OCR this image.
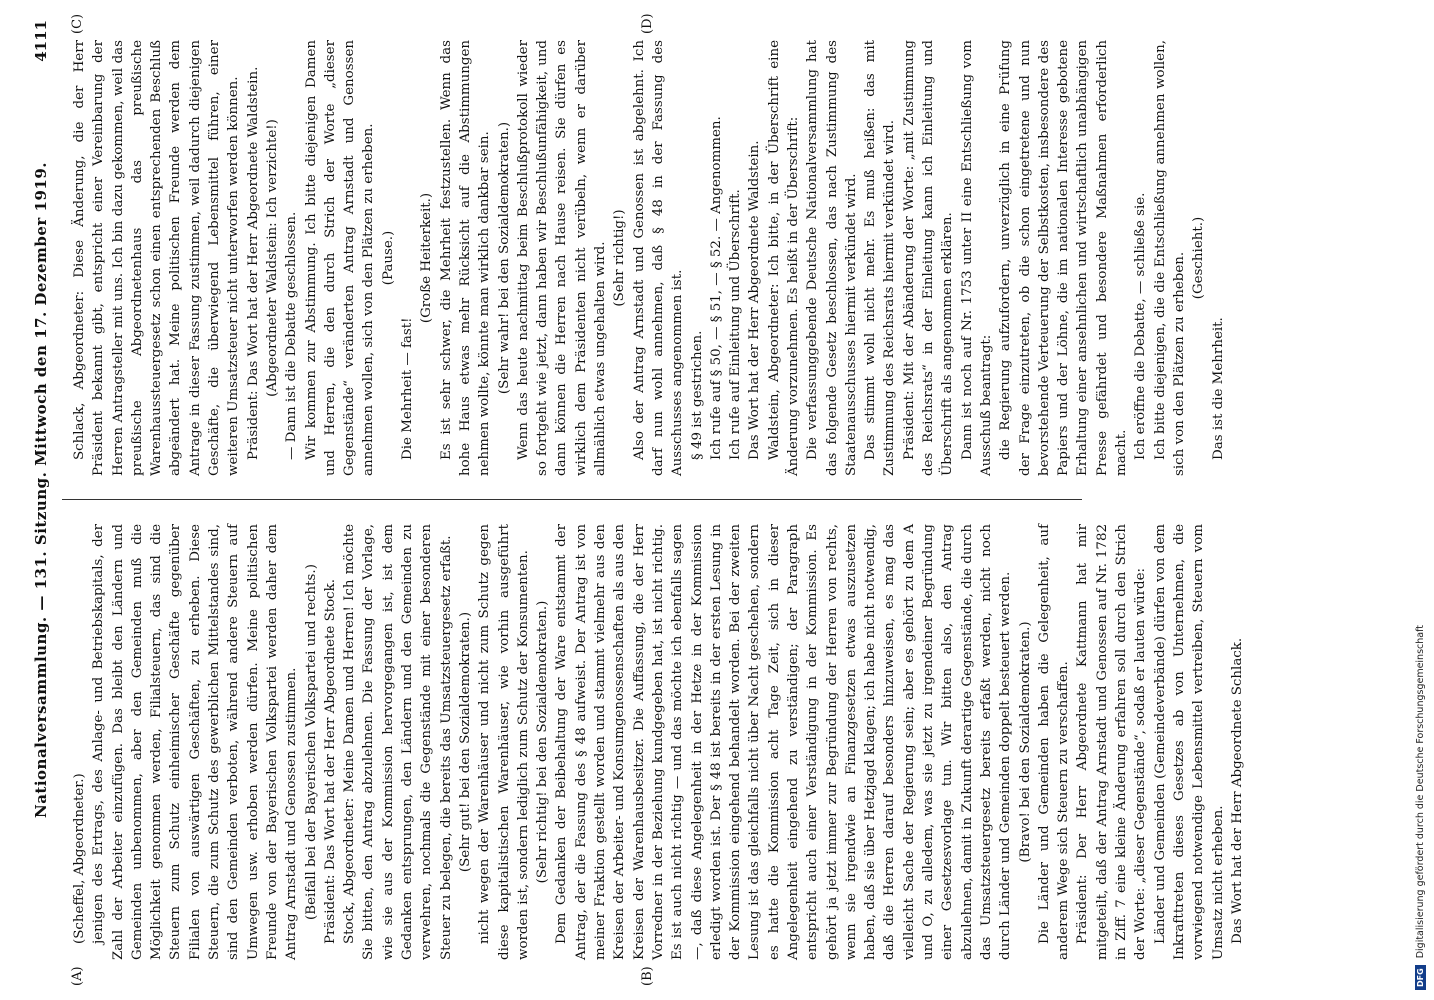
Nationalversammlung. — 131. Sitzung. Mittwoch den 17. Dezember 1919.
4111
(A)	(B)
(C)	(D)

(Scheffel, Abgeordneter.) jenigen des Ertrags, des Anlage- und Betriebskapitals, der Zahl der Arbeiter einzufügen. Das bleibt den Ländern und Gemeinden unbenommen, aber den Gemeinden muß die Möglichkeit genommen werden, Filialsteuern, das sind die Steuern zum Schutz einheimischer Geschäfte gegenüber Filialen von auswärtigen Geschäften, zu erheben. Diese Steuern, die zum Schutz des gewerblichen Mittelstandes sind, sind den Gemeinden verboten, während andere Steuern auf Umwegen usw. erhoben werden dürfen. Meine politischen Freunde von der Bayerischen Volkspartei werden daher dem Antrag Arnstadt und Genossen zustimmen. (Beifall bei der Bayerischen Volkspartei und rechts.) Präsident: Das Wort hat der Herr Abgeordnete Stock. Stock, Abgeordneter: Meine Damen und Herren! Ich möchte Sie bitten, den Antrag abzulehnen. Die Fassung der Vorlage, wie sie aus der Kommission hervorgegangen ist, ist dem Gedanken entsprungen, den Ländern und den Gemeinden zu verwehren, nochmals die Gegenstände mit einer besonderen Steuer zu belegen, die bereits das Umsatzsteuergesetz erfaßt. (Sehr gut! bei den Sozialdemokraten.) nicht wegen der Warenhäuser und nicht zum Schutz gegen diese kapitalistischen Warenhäuser, wie vorhin ausgeführt worden ist, sondern lediglich zum Schutz der Konsumenten. (Sehr richtig! bei den Sozialdemokraten.) Dem Gedanken der Beibehaltung der Ware entstammt der Antrag, der die Fassung des § 48 aufweist. Der Antrag ist von meiner Fraktion gestellt worden und stammt vielmehr aus den Kreisen der Arbeiter- und Konsumgenossenschaften als aus den Kreisen der Warenhausbesitzer. Die Auffassung, die der Herr Vorredner in der Beziehung kundgegeben hat, ist nicht richtig. Es ist auch nicht richtig — und das möchte ich ebenfalls sagen —, daß diese Angelegenheit in der Hetze in der Kommission erledigt worden ist. Der § 48 ist bereits in der ersten Lesung in der Kommission eingehend behandelt worden. Bei der zweiten Lesung ist das gleichfalls nicht über Nacht geschehen, sondern es hatte die Kommission acht Tage Zeit, sich in dieser Angelegenheit eingehend zu verständigen; der Paragraph entspricht auch einer Verständigung in der Kommission. Es gehört ja jetzt immer zur Begründung der Herren von rechts, wenn sie irgendwie an Finanzgesetzen etwas auszusetzen haben, daß sie über Hetzjagd klagen; ich habe nicht notwendig, daß die Herren darauf besonders hinzuweisen, es mag das vielleicht Sache der Regierung sein; aber es gehört zu dem A und O, zu alledem, was sie jetzt zu irgendeiner Begründung einer Gesetzesvorlage tun. Wir bitten also, den Antrag abzulehnen, damit in Zukunft derartige Gegenstände, die durch das Umsatzsteuergesetz bereits erfaßt werden, nicht noch durch Länder und Gemeinden doppelt besteuert werden. (Bravo! bei den Sozialdemokraten.) Die Länder und Gemeinden haben die Gelegenheit, auf anderem Wege sich Steuern zu verschaffen. Präsident: Der Herr Abgeordnete Kattmann hat mir mitgeteilt, daß der Antrag Arnstadt und Genossen auf Nr. 1782 in Ziff. 7 eine kleine Änderung erfahren soll durch den Strich der Worte: „dieser Gegenstände“, sodaß er lauten würde: Länder und Gemeinden (Gemeindeverbände) dürfen von dem Inkrafttreten dieses Gesetzes ab von Unternehmen, die vorwiegend notwendige Lebensmittel vertreiben, Steuern vom Umsatz nicht erheben. Das Wort hat der Herr Abgeordnete Schlack.

Schlack, Abgeordneter: Diese Änderung, die der Herr Präsident bekannt gibt, entspricht einer Vereinbarung der Herren Antragsteller mit uns. Ich bin dazu gekommen, weil das preußische Abgeordnetenhaus das preußische Warenhaussteuergesetz schon einen entsprechenden Beschluß abgeändert hat. Meine politischen Freunde werden dem Antrage in dieser Fassung zustimmen, weil dadurch diejenigen Geschäfte, die überwiegend Lebensmittel führen, einer weiteren Umsatzsteuer nicht unterworfen werden können. Präsident: Das Wort hat der Herr Abgeordnete Waldstein. (Abgeordneter Waldstein: Ich verzichte!) — Dann ist die Debatte geschlossen. Wir kommen zur Abstimmung. Ich bitte diejenigen Damen und Herren, die den durch Strich der Worte „dieser Gegenstände“ veränderten Antrag Arnstadt und Genossen annehmen wollen, sich von den Plätzen zu erheben. (Pause.)

Die Mehrheit — fast!

(Große Heiterkeit.) Es ist sehr schwer, die Mehrheit festzustellen. Wenn das hohe Haus etwas mehr Rücksicht auf die Abstimmungen nehmen wollte, könnte man wirklich dankbar sein. (Sehr wahr! bei den Sozialdemokraten.) Wenn das heute nachmittag beim Beschlußprotokoll wieder so fortgeht wie jetzt, dann haben wir Beschlußunfähigkeit, und dann können die Herren nach Hause reisen. Sie dürfen es wirklich dem Präsidenten nicht verübeln, wenn er darüber allmählich etwas ungehalten wird. (Sehr richtig!) Also der Antrag Arnstadt und Genossen ist abgelehnt. Ich darf nun wohl annehmen, daß § 48 in der Fassung des Ausschusses angenommen ist. § 49 ist gestrichen. Ich rufe auf § 50, — § 51, — § 52. — Angenommen. Ich rufe auf Einleitung und Überschrift. Das Wort hat der Herr Abgeordnete Waldstein. Waldstein, Abgeordneter: Ich bitte, in der Überschrift eine Änderung vorzunehmen. Es heißt in der Überschrift: Die verfassunggebende Deutsche Nationalversammlung hat das folgende Gesetz beschlossen, das nach Zustimmung des Staatenausschusses hiermit verkündet wird. Das stimmt wohl nicht mehr. Es muß heißen: das mit Zustimmung des Reichsrats hiermit verkündet wird. Präsident: Mit der Abänderung der Worte: „mit Zustimmung des Reichsrats“ in der Einleitung kann ich Einleitung und Überschrift als angenommen erklären. Dann ist noch auf Nr. 1753 unter II eine Entschließung vom Ausschuß beantragt: die Regierung aufzufordern, unverzüglich in eine Prüfung der Frage einzutreten, ob die schon eingetretene und nun bevorstehende Verteuerung der Selbstkosten, insbesondere des Papiers und der Löhne, die im nationalen Interesse gebotene Erhaltung einer ansehnlichen und wirtschaftlich unabhängigen Presse gefährdet und besondere Maßnahmen erforderlich macht. Ich eröffne die Debatte, — schließe sie. Ich bitte diejenigen, die die Entschließung annehmen wollen, sich von den Plätzen zu erheben. (Geschieht.)

Das ist die Mehrheit.

DFG Digitalisierung gefördert durch die Deutsche Forschungsgemeinschaft
